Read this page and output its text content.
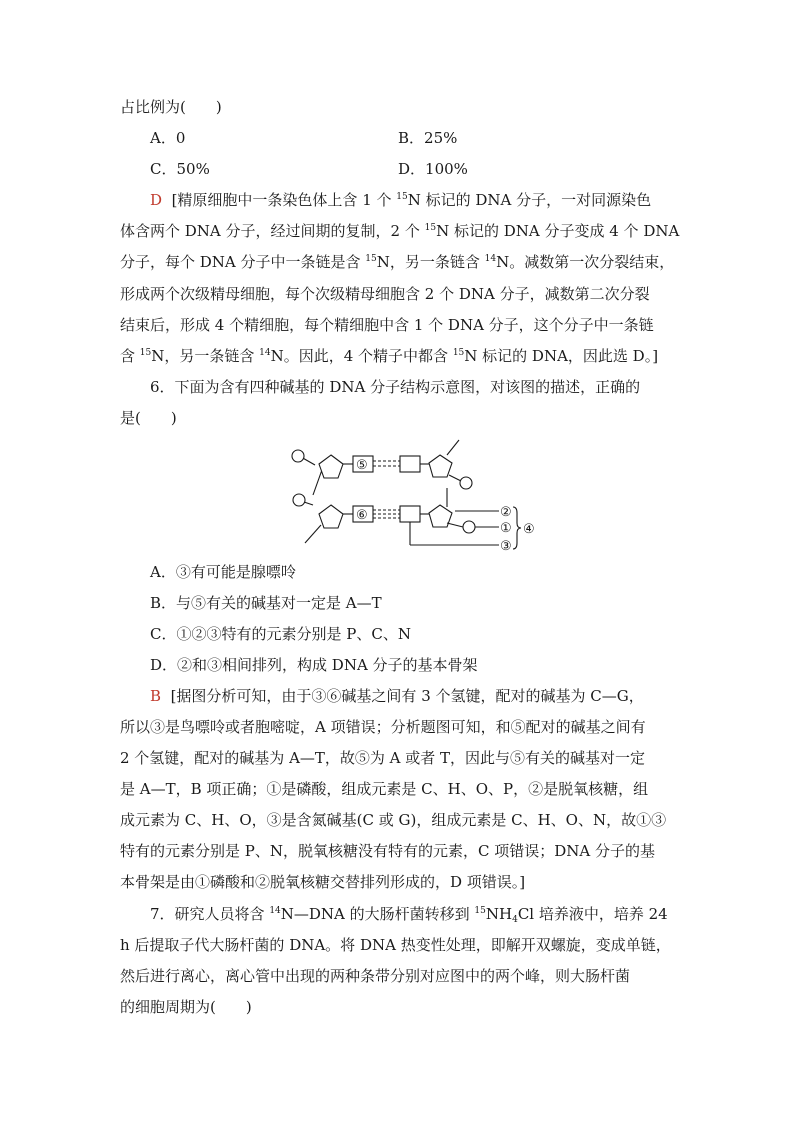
占比例为(　　)
A．0	B．25%
C．50%	D．100%
D [精原细胞中一条染色体上含 1 个 $^{15}$N 标记的 DNA 分子，一对同源染色
体含两个 DNA 分子，经过间期的复制，2 个 $^{15}$N 标记的 DNA 分子变成 4 个 DNA
分子，每个 DNA 分子中一条链是含 $^{15}$N，另一条链含 $^{14}$N。减数第一次分裂结束，
形成两个次级精母细胞，每个次级精母细胞含 2 个 DNA 分子，减数第二次分裂
结束后，形成 4 个精细胞，每个精细胞中含 1 个 DNA 分子，这个分子中一条链
含 $^{15}$N，另一条链含 $^{14}$N。因此，4 个精子中都含 $^{15}$N 标记的 DNA，因此选 D。]
6．下面为含有四种碱基的 DNA 分子结构示意图，对该图的描述，正确的
是(　　)
⑤
⑥	②
①
③
④
A．③有可能是腺嘌呤
B．与⑤有关的碱基对一定是 A—T
C．①②③特有的元素分别是 P、C、N
D．②和③相间排列，构成 DNA 分子的基本骨架
B [据图分析可知，由于③⑥碱基之间有 3 个氢键，配对的碱基为 C—G，
所以③是鸟嘌呤或者胞嘧啶，A 项错误；分析题图可知，和⑤配对的碱基之间有
2 个氢键，配对的碱基为 A—T，故⑤为 A 或者 T，因此与⑤有关的碱基对一定
是 A—T，B 项正确；①是磷酸，组成元素是 C、H、O、P，②是脱氧核糖，组
成元素为 C、H、O，③是含氮碱基(C 或 G)，组成元素是 C、H、O、N，故①③
特有的元素分别是 P、N，脱氧核糖没有特有的元素，C 项错误；DNA 分子的基
本骨架是由①磷酸和②脱氧核糖交替排列形成的，D 项错误。]
7．研究人员将含 $^{14}$N—DNA 的大肠杆菌转移到 $^{15}NH_4Cl$ 培养液中，培养 24
h 后提取子代大肠杆菌的 DNA。将 DNA 热变性处理，即解开双螺旋，变成单链，
然后进行离心，离心管中出现的两种条带分别对应图中的两个峰，则大肠杆菌
的细胞周期为(　　)
